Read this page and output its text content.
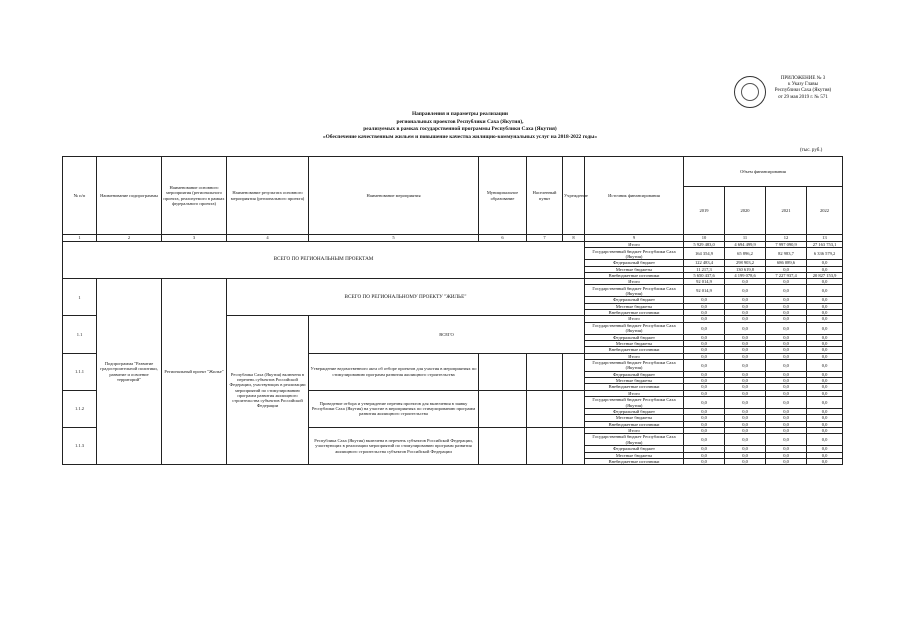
ПРИЛОЖЕНИЕ № 3
к Указу Главы
Республики Саха (Якутия)
от 29 мая 2019 г. № 571
Направления и параметры реализации
региональных проектов Республики Саха (Якутия),
реализуемых в рамках государственной программы Республики Саха (Якутия)
«Обеспечение качественным жильем и повышение качества жилищно-коммунальных услуг на 2018-2022 годы»
(тыс. руб.)
№ п/п	Наименование подпрограммы	Наименование основного мероприятия (регионального проекта, реализуемого в рамках федерального проекта)	Наименование результата основного мероприятия (регионального проекта)	Наименование мероприятия	Муниципальное образование	Населенный пункт	Учреждение	Источник финансирования	Объем финансирования			
									2019	2020	2021	2022
1	2	3	4	5	6	7	8	9	10	11	12	13
ВСЕГО ПО РЕГИОНАЛЬНЫМ ПРОЕКТАМ								Итого	5 929 483,0	4 694 499,9	7 997 090,9	27 163 753,1
								Государственный бюджет Республики Саха (Якутия)	164 354,9	65 896,2	82 983,7	6 336 579,2
								Федеральный бюджет	122 483,4	298 903,2	686 089,6	0,0
								Местные бюджеты	11 217,3	130 619,8	0,0	0,0
								Внебюджетные источники	5 650 437,6	4 199 078,6	7 227 937,4	20 827 153,9
1	Подпрограмма "Развитие градостроительной политики, развитие и освоение территорий"	Региональный проект "Жилье"	ВСЕГО ПО РЕГИОНАЛЬНОМУ ПРОЕКТУ "ЖИЛЬЕ"					Итого	92 014,9	0,0	0,0	0,0
								Государственный бюджет Республики Саха (Якутия)	92 014,9	0,0	0,0	0,0
								Федеральный бюджет	0,0	0,0	0,0	0,0
								Местные бюджеты	0,0	0,0	0,0	0,0
								Внебюджетные источники	0,0	0,0	0,0	0,0
1.1			Республика Саха (Якутия) включена в перечень субъектов Российской Федерации, участвующих в реализации мероприятий по стимулированию программ развития жилищного строительства субъектов Российской Федерации	ВСЕГО				Итого	0,0	0,0	0,0	0,0
								Государственный бюджет Республики Саха (Якутия)	0,0	0,0	0,0	0,0
								Федеральный бюджет	0,0	0,0	0,0	0,0
								Местные бюджеты	0,0	0,0	0,0	0,0
								Внебюджетные источники	0,0	0,0	0,0	0,0
1.1.1				Утверждение ведомственного акта об отборе проектов для участия в мероприятиях по стимулированию программ развития жилищного строительства				Итого	0,0	0,0	0,0	0,0
								Государственный бюджет Республики Саха (Якутия)	0,0	0,0	0,0	0,0
								Федеральный бюджет	0,0	0,0	0,0	0,0
								Местные бюджеты	0,0	0,0	0,0	0,0
								Внебюджетные источники	0,0	0,0	0,0	0,0
1.1.2				Проведение отбора и утверждение перечня проектов для включения в заявку Республики Саха (Якутия) на участие в мероприятиях по стимулированию программ развития жилищного строительства				Итого	0,0	0,0	0,0	0,0
								Государственный бюджет Республики Саха (Якутия)	0,0	0,0	0,0	0,0
								Федеральный бюджет	0,0	0,0	0,0	0,0
								Местные бюджеты	0,0	0,0	0,0	0,0
								Внебюджетные источники	0,0	0,0	0,0	0,0
1.1.3				Республика Саха (Якутия) включена в перечень субъектов Российской Федерации, участвующих в реализации мероприятий по стимулированию программ развития жилищного строительства субъектов Российской Федерации				Итого	0,0	0,0	0,0	0,0
								Государственный бюджет Республики Саха (Якутия)	0,0	0,0	0,0	0,0
								Федеральный бюджет	0,0	0,0	0,0	0,0
								Местные бюджеты	0,0	0,0	0,0	0,0
								Внебюджетные источники	0,0	0,0	0,0	0,0
